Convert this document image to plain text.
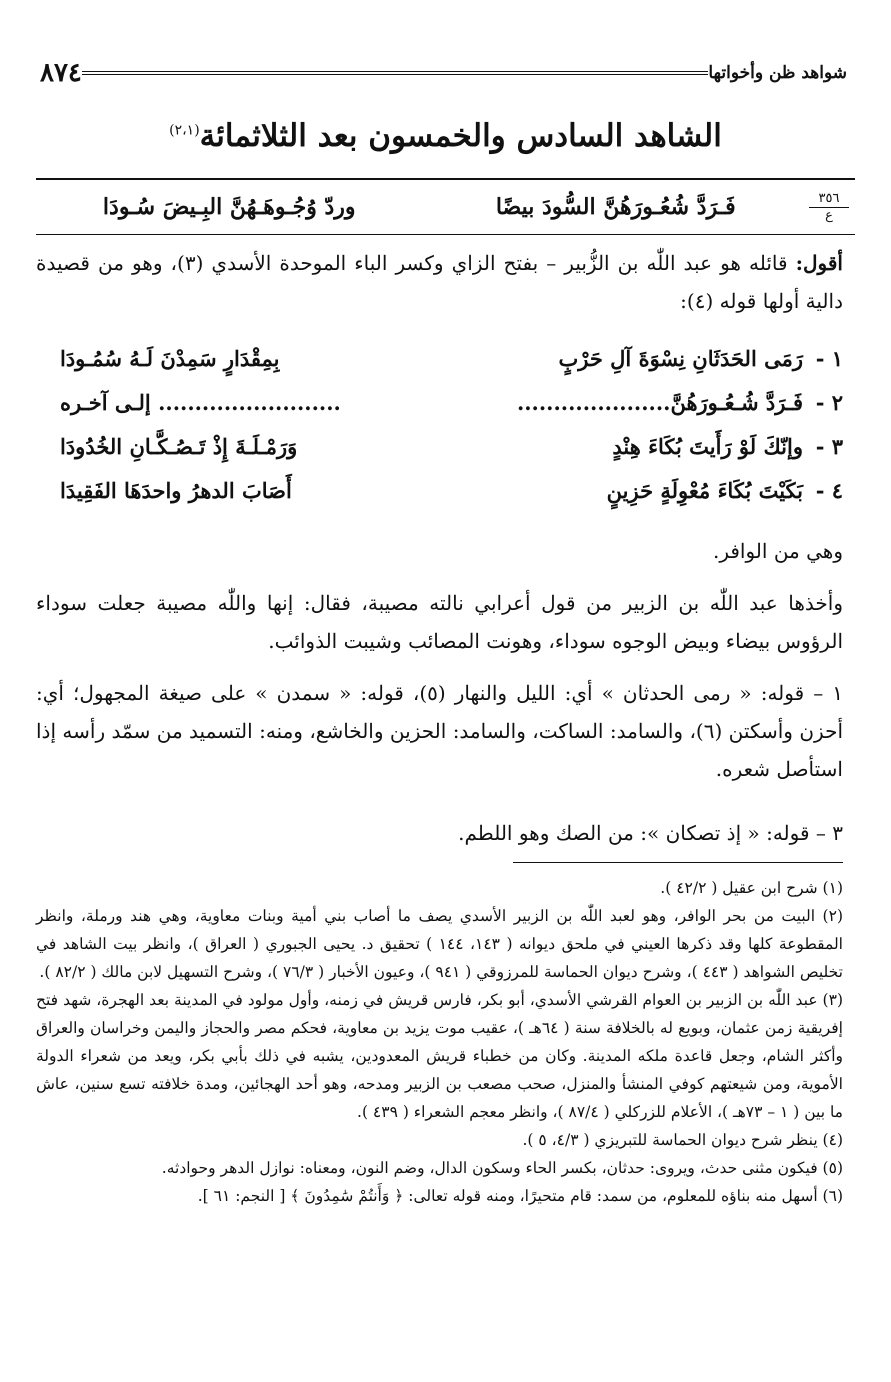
٨٧٤	شواهد ظن وأخواتها
الشاهد السادس والخمسون بعد الثلاثمائة$^{(٢،١)}$
٣٥٦
ع
فَـرَدَّ شُعُـورَهُنَّ السُّودَ بيضًا
وردّ وُجُـوهَـهُنَّ البِـيضَ سُـودَا
أقول: قائله هو عبد اللّٰه بن الزُّبير – بفتح الزاي وكسر الباء الموحدة الأسدي (٣)، وهو من قصيدة دالية أولها قوله (٤):
١ -
رَمَى الحَدَثَانِ نِسْوَةَ آلِ حَرْبٍ
بِمِقْدَارٍ سَمِدْنَ لَـهُ سُمُـودَا
٢ -
فَـرَدَّ شُـعُـورَهُنَّ.....................
......................... إلـى آخـره
٣ -
وإنّكَ لَوْ رَأَيتَ بُكَاءَ هِنْدٍ
وَرَمْـلَـةَ إِذْ تَـصُـكَّـانِ الخُدُودَا
٤ -
بَكَيْتَ بُكَاءَ مُعْوِلَةٍ حَزِينٍ
أَصَابَ الدهرُ واحدَهَا الفَقِيدَا
وهي من الوافر.
وأخذها عبد اللّٰه بن الزبير من قول أعرابي نالته مصيبة، فقال: إنها واللّٰه مصيبة جعلت سوداء الرؤوس بيضاء وبيض الوجوه سوداء، وهونت المصائب وشيبت الذوائب.
١ – قوله: « رمى الحدثان » أي: الليل والنهار (٥)، قوله: « سمدن » على صيغة المجهول؛ أي: أحزن وأسكتن (٦)، والسامد: الساكت، والسامد: الحزين والخاشع، ومنه: التسميد من سمّد رأسه إذا استأصل شعره.
٣ – قوله: « إذ تصكان »: من الصك وهو اللطم.

(١) شرح ابن عقيل ( ٤٢/٢ ).

(٢) البيت من بحر الوافر، وهو لعبد اللّٰه بن الزبير الأسدي يصف ما أصاب بني أمية وبنات معاوية، وهي هند ورملة، وانظر المقطوعة كلها وقد ذكرها العيني في ملحق ديوانه ( ١٤٣، ١٤٤ ) تحقيق د. يحيى الجبوري ( العراق )، وانظر بيت الشاهد في تخليص الشواهد ( ٤٤٣ )، وشرح ديوان الحماسة للمرزوقي ( ٩٤١ )، وعيون الأخبار ( ٧٦/٣ )، وشرح التسهيل لابن مالك ( ٨٢/٢ ).

(٣) عبد اللّٰه بن الزبير بن العوام القرشي الأسدي، أبو بكر، فارس قريش في زمنه، وأول مولود في المدينة بعد الهجرة، شهد فتح إفريقية زمن عثمان، وبويع له بالخلافة سنة ( ٦٤هـ )، عقيب موت يزيد بن معاوية، فحكم مصر والحجاز واليمن وخراسان والعراق وأكثر الشام، وجعل قاعدة ملكه المدينة. وكان من خطباء قريش المعدودين، يشبه في ذلك بأبي بكر، ويعد من شعراء الدولة الأموية، ومن شيعتهم كوفي المنشأ والمنزل، صحب مصعب بن الزبير ومدحه، وهو أحد الهجائين، ومدة خلافته تسع سنين، عاش ما بين ( ١ – ٧٣هـ )، الأعلام للزركلي ( ٨٧/٤ )، وانظر معجم الشعراء ( ٤٣٩ ).

(٤) ينظر شرح ديوان الحماسة للتبريزي ( ٤/٣، ٥ ).

(٥) فيكون مثنى حدث، ويروى: حدثان، بكسر الحاء وسكون الدال، وضم النون، ومعناه: نوازل الدهر وحوادثه.

(٦) أسهل منه بناؤه للمعلوم، من سمد: قام متحيرًا، ومنه قوله تعالى: ﴿ وَأَنتُمْ سَٰمِدُونَ ﴾ [ النجم: ٦١ ].
